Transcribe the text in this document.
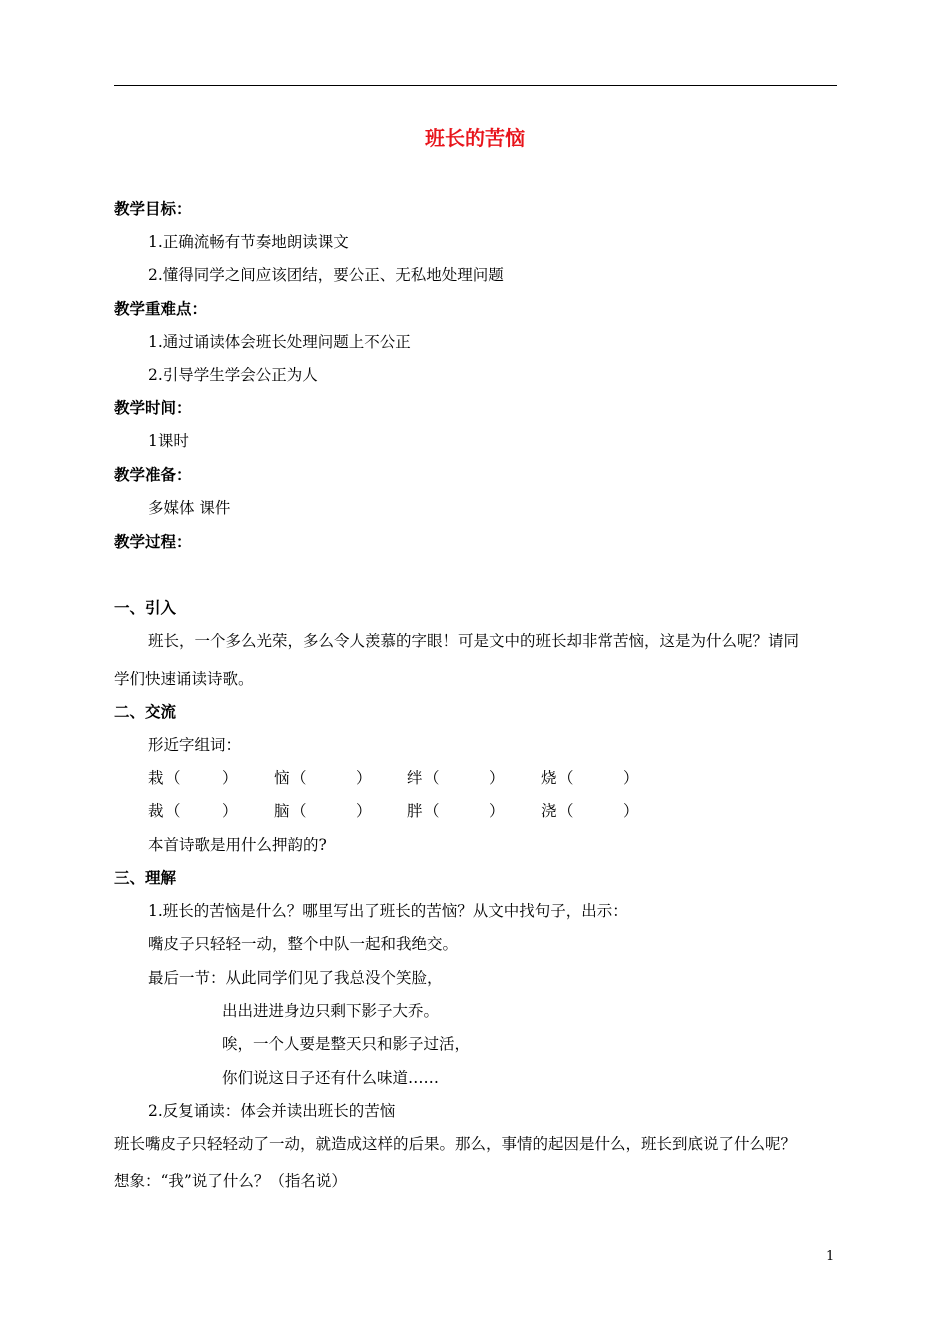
班长的苦恼
教学目标：
1.正确流畅有节奏地朗读课文
2.懂得同学之间应该团结，要公正、无私地处理问题
教学重难点：
1.通过诵读体会班长处理问题上不公正
2.引导学生学会公正为人
教学时间：
1课时
教学准备：
多媒体 课件
教学过程：
一、引入
班长，一个多么光荣，多么令人羡慕的字眼！可是文中的班长却非常苦恼，这是为什么呢？请同
学们快速诵读诗歌。
二、交流
形近字组词：
栽 （	） 恼 （	） 绊 （	） 烧 （	）
裁 （	） 脑 （	） 胖 （	） 浇 （	）
本首诗歌是用什么押韵的?
三、理解
1.班长的苦恼是什么？哪里写出了班长的苦恼？从文中找句子，出示：
嘴皮子只轻轻一动，整个中队一起和我绝交。
最后一节：从此同学们见了我总没个笑脸，
出出进进身边只剩下影子大乔。
唉，一个人要是整天只和影子过活，
你们说这日子还有什么味道……
2.反复诵读：体会并读出班长的苦恼
班长嘴皮子只轻轻动了一动，就造成这样的后果。那么，事情的起因是什么，班长到底说了什么呢？
想象：“我”说了什么？（指名说）
1
